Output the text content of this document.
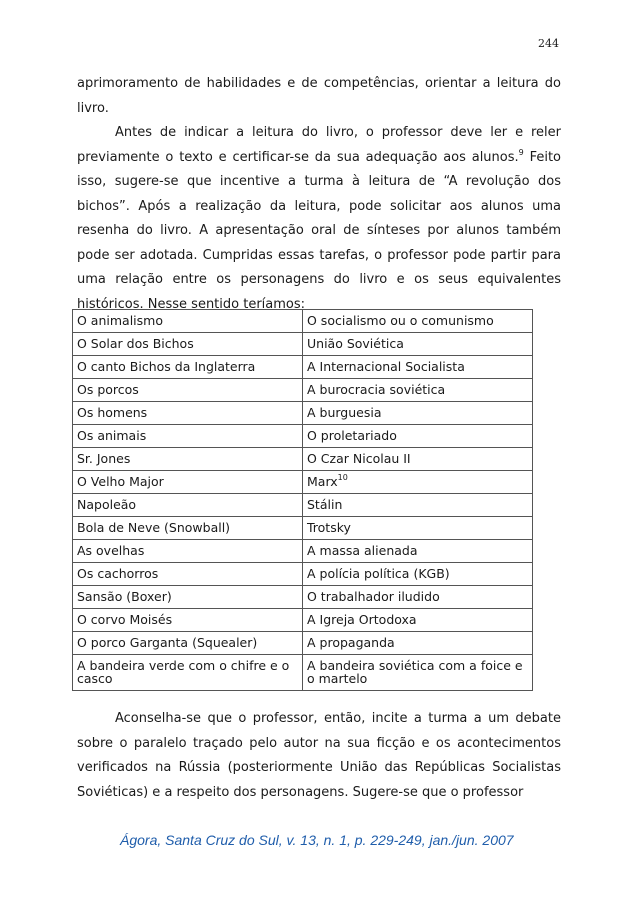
244

aprimoramento de habilidades e de competências, orientar a leitura do livro.

Antes de indicar a leitura do livro, o professor deve ler e reler previamente o texto e certificar-se da sua adequação aos alunos.$^9$ Feito isso, sugere-se que incentive a turma à leitura de “A revolução dos bichos”. Após a realização da leitura, pode solicitar aos alunos uma resenha do livro. A apresentação oral de sínteses por alunos também pode ser adotada. Cumpridas essas tarefas, o professor pode partir para uma relação entre os personagens do livro e os seus equivalentes históricos. Nesse sentido teríamos:

O animalismo	O socialismo ou o comunismo
O Solar dos Bichos	União Soviética
O canto Bichos da Inglaterra	A Internacional Socialista
Os porcos	A burocracia soviética
Os homens	A burguesia
Os animais	O proletariado
Sr. Jones	O Czar Nicolau II
O Velho Major	Marx$^{10}$
Napoleão	Stálin
Bola de Neve (Snowball)	Trotsky
As ovelhas	A massa alienada
Os cachorros	A polícia política (KGB)
Sansão (Boxer)	O trabalhador iludido
O corvo Moisés	A Igreja Ortodoxa
O porco Garganta (Squealer)	A propaganda
A bandeira verde com o chifre e o casco	A bandeira soviética com a foice e o martelo

Aconselha-se que o professor, então, incite a turma a um debate sobre o paralelo traçado pelo autor na sua ficção e os acontecimentos verificados na Rússia (posteriormente União das Repúblicas Socialistas Soviéticas) e a respeito dos personagens. Sugere-se que o professor

Ágora, Santa Cruz do Sul, v. 13, n. 1, p. 229-249, jan./jun. 2007
